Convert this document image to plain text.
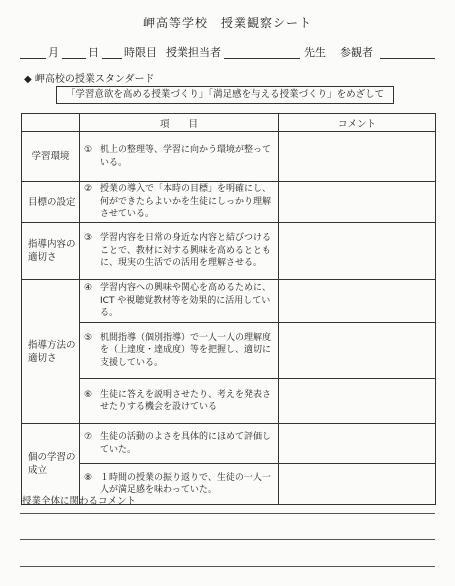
岬高等学校　授業観察シート
月	日 時限目 授業担当者	先生 参観者
◆ 岬高校の授業スタンダード
「学習意欲を高める授業づくり」「満足感を与える授業づくり」をめざして
	項　　目	コメント
学習環境	① 机上の整理等、学習に向かう環境が整っている。	

目標の設定	② 授業の導入で「本時の目標」を明確にし、何ができたらよいかを生徒にしっかり理解させている。	

指導内容の適切さ	③ 学習内容を日常の身近な内容と結びつけることで、教材に対する興味を高めるとともに、現実の生活での活用を理解させる。	

指導方法の適切さ	④ 学習内容への興味や関心を高めるために、ICT や視聴覚教材等を効果的に活用している。	

	⑤ 机間指導（個別指導）で一人一人の理解度を（上達度・達成度）等を把握し、適切に支援している。	

	⑥ 生徒に答えを説明させたり、考えを発表させたりする機会を設けている	

個の学習の成立	⑦ 生徒の活動のよさを具体的にほめて評価していた。	

	⑧ １時間の授業の振り返りで、生徒の一人一人が満足感を味わっていた。	

授業全体に関わるコメント
